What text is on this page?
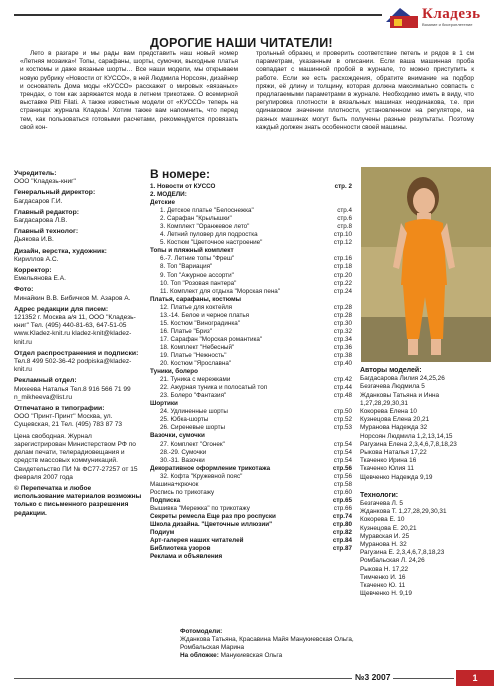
Кладезь
Вязание и бисероплетение
ДОРОГИЕ НАШИ ЧИТАТЕЛИ!
Лето в разгаре и мы рады вам представить наш новый номер «Летняя мозаика»! Топы, сарафаны, шорты, сумочки, выходные платья и костюмы и даже вязаные шорты… Все наши модели, мы открываем новую рубрику «Новости от КУССО», в ней Людмила Норсоян, дизайнер и основатель Дома моды «КУССО» расскажет о мировых «вязаных» трендах, о том как заряжается мода в летнем трикотаже. О всемирной выставке Pitti Filati. А также известные модели от «КУССО» теперь на страницах журнала Кладезь! Хотим также вам напомнить, что перед тем, как пользоваться готовыми расчетами, рекомендуется провязать свой кон-
трольный образец и проверить соответствие петель и рядов в 1 см параметрам, указанным в описании. Если ваша машинная проба совпадает с машинной пробой в журнале, то можно приступить к работе. Если же есть расхождения, обратите внимание на подбор пряжи, её длину и толщину, которая должна максимально совпасть с предлагаемыми параметрами в журнале. Необходимо иметь в виду, что регулировка плотности в вязальных машинах неодинакова, т.е. при одинаковом значении плотности, установленном на регуляторе, на разных машинах могут быть получены разные результаты. Поэтому каждый должен знать особенности своей машины.
Учредитель:
ООО "Кладезь-книг"
Генеральный директор:
Багдасаров Г.И.
Главный редактор:
Багдасарова Л.В.
Главный технолог:
Дьякова И.В.
Дизайн, верстка, художник:
Кириллов А.С.
Корректор:
Емельянова Е.А.
Фото:
Минайкин В.В. Бибичков М. Азаров А.
Адрес редакции для писем:
121352 г. Москва а/я 11, ООО "Кладезь-книг" Тел. (495) 440-81-63, 647-51-05 www.Kladez-knit.ru kladez-knit@kladez-knit.ru
Отдел распространения и подписки:
Тел.8 499 502-36-42 podpiska@kladez-knit.ru
Рекламный отдел:
Михеева Наталья Тел.8 916 566 71 99 n_mikheeva@list.ru
Отпечатано в типографии:
ООО "Принт-Принт" Москва, ул. Сущевская, 21 Тел. (495) 783 87 73
Цена свободная. Журнал зарегистрирован Министерством РФ по делам печати, телерадиовещания и средств массовых коммуникаций. Свидетельство ПИ № ФС77-27257 от 15 февраля 2007 года
© Перепечатка и любое использование материалов возможны только с письменного разрешения редакции.
В номере:
1. Новости от КУССО	стр. 2
2. МОДЕЛИ:
Детские
1. Детское платье "Белоснежка"	стр.4
2. Сарафан "Крылышки"	стр.6
3. Комплект "Оранжевое лето"	стр.8
4. Летний пуловер для подростка	стр.10
5. Костюм "Цветочное настроение"	стр.12
Топы и пляжный комплект
6.-7. Летние топы "Фреш"	стр.16
8. Топ "Вариация"	стр.18
9. Топ "Ажурное ассорти"	стр.20
10. Топ "Розовая пантера"	стр.22
11. Комплект для отдыха "Морская пена"	стр.24
Платья, сарафаны, костюмы
12. Платье для коктейля	стр.28
13.-14. Белое и черное платья	стр.28
15. Костюм "Виноградинка"	стр.30
16. Платье "Бриз"	стр.32
17. Сарафан "Морская романтика"	стр.34
18. Комплект "Небесный"	стр.36
19. Платье "Нежность"	стр.38
20. Костюм "Ярославна"	стр.40
Туники, болеро
21. Туника с мережками	стр.42
22. Ажурная туника и полосатый топ	стр.44
23. Болеро "Фантазия"	стр.48
Шортики
24. Удлиненные шорты	стр.50
25. Юбка-шорты	стр.52
26. Сиреневые шорты	стр.53
Вазочки, сумочки
27. Комплект "Огонек"	стр.54
28.-29. Сумочки	стр.54
30.-31. Вазочки	стр.54
Декоративное оформление трикотажа	стр.56
32. Кофта "Кружевной пояс"	стр.56
Машина+крючок	стр.58
Роспись по трикотажу	стр.60
Подписка	стр.65
Вышивка "Мережка" по трикотажу	стр.66
Секреты ремесла Еще раз про роспуски	стр.74
Школа дизайна. "Цветочные иллюзии"	стр.80
Подиум	стр.82
Арт-галерея наших читателей	стр.84
Библиотека узоров	стр.87
Реклама и объявления
Авторы моделей:
Багдасарова Лилия 24,25,26
Безгачева Людмила 5
Жданковы Татьяна и Инна
1,27,28,29,30,31
Кокорева Елена 10
Кузнецова Елена 20,21
Муранова Надежда 32
Норсоян Людмила 1,2,13,14,15
Рагузина Елена 2,3,4,6,7,8,18,23
Рыкова Наталья 17,22
Ткаченко Ирина 16
Ткаченко Юлия 11
Щевченко Надежда 9,19
Технологи:
Безгачева Л. 5
Жданкова Т. 1,27,28,29,30,31
Кокорева Е. 10
Кузнецова Е. 20,21
Муравская И. 25
Муранова Н. 32
Рагузина Е. 2,3,4,6,7,8,18,23
Ромбальская Л. 24,26
Рыкова Н. 17,22
Тимченко И. 16
Ткаченко Ю. 11
Щевченко Н. 9,19
Фотомодели:
Жданкова Татьяна, Красавина Майя Манукиевская Ольга, Ромбальская Марина
На обложке: Манукиевская Ольга
№3 2007	1
